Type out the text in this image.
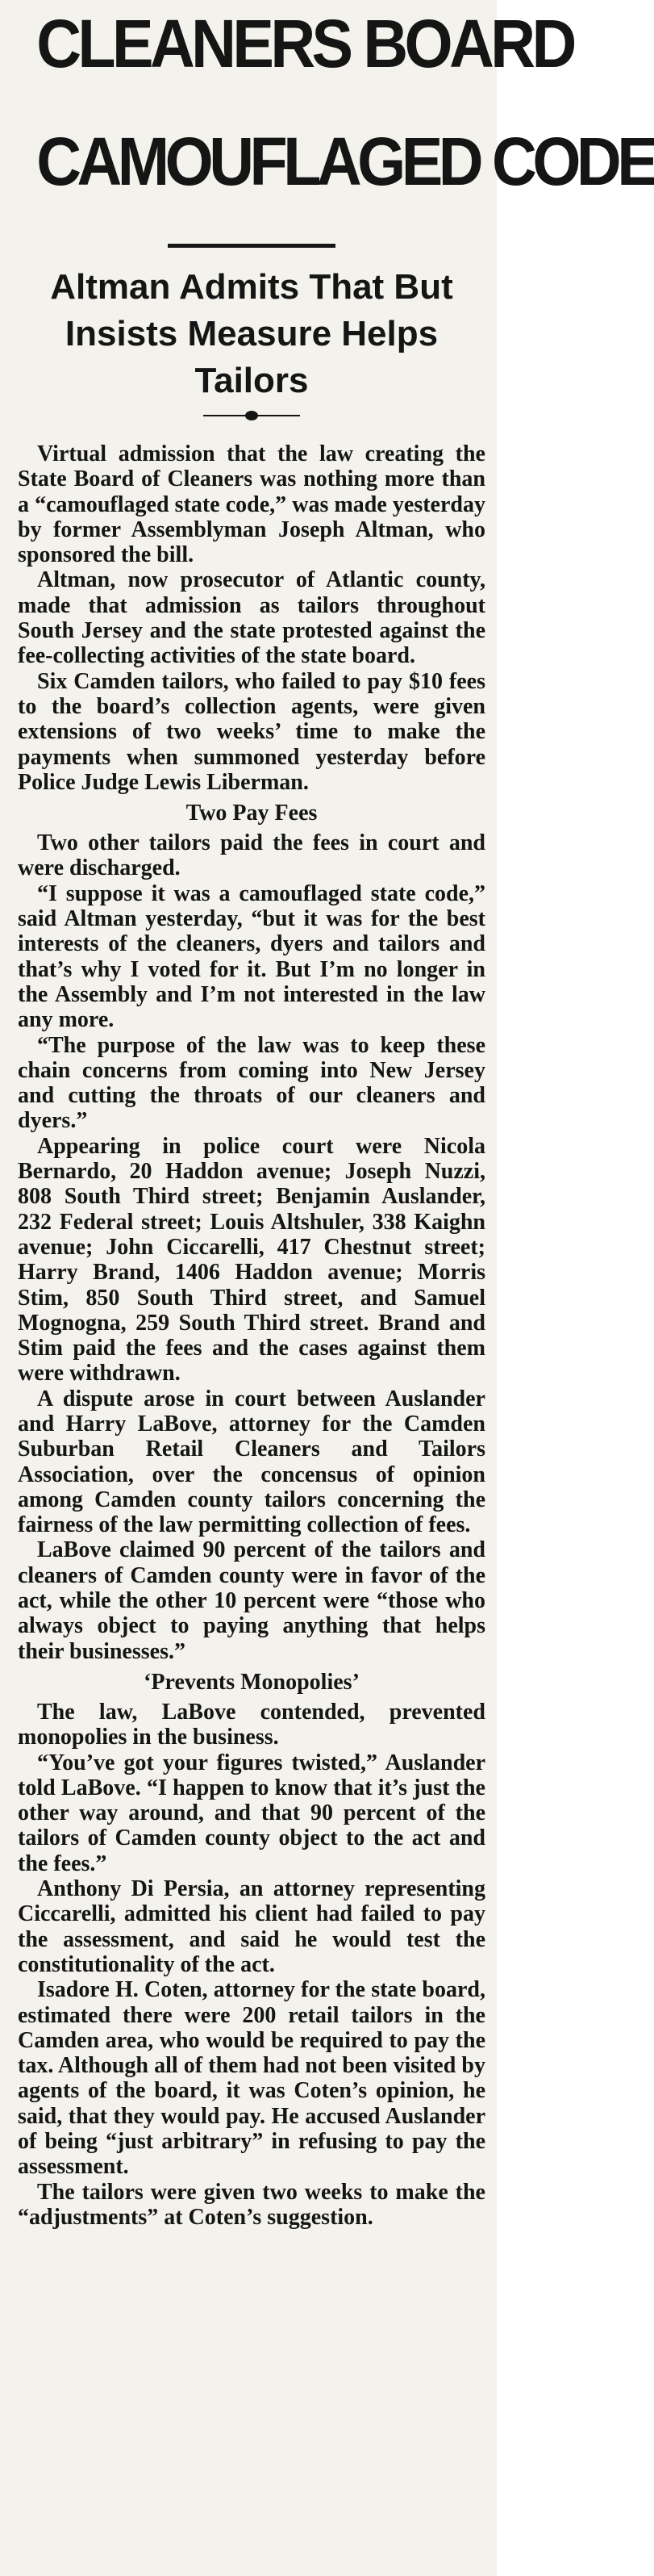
CLEANERS BOARD
CAMOUFLAGED CODE
Altman Admits That But
Insists Measure Helps
Tailors

Virtual admission that the law creating the State Board of Cleaners was nothing more than a “camouflaged state code,” was made yesterday by former Assemblyman Joseph Altman, who sponsored the bill.

Altman, now prosecutor of Atlantic county, made that admission as tailors throughout South Jersey and the state protested against the fee-collecting activities of the state board.

Six Camden tailors, who failed to pay $10 fees to the board’s collection agents, were given extensions of two weeks’ time to make the payments when summoned yesterday before Police Judge Lewis Liberman.

Two Pay Fees

Two other tailors paid the fees in court and were discharged.

“I suppose it was a camouflaged state code,” said Altman yesterday, “but it was for the best interests of the cleaners, dyers and tailors and that’s why I voted for it. But I’m no longer in the Assembly and I’m not interested in the law any more.

“The purpose of the law was to keep these chain concerns from coming into New Jersey and cutting the throats of our cleaners and dyers.”

Appearing in police court were Nicola Bernardo, 20 Haddon avenue; Joseph Nuzzi, 808 South Third street; Benjamin Auslander, 232 Federal street; Louis Altshuler, 338 Kaighn avenue; John Ciccarelli, 417 Chestnut street; Harry Brand, 1406 Haddon avenue; Morris Stim, 850 South Third street, and Samuel Mognogna, 259 South Third street. Brand and Stim paid the fees and the cases against them were withdrawn.

A dispute arose in court between Auslander and Harry LaBove, attorney for the Camden Suburban Retail Cleaners and Tailors Association, over the concensus of opinion among Camden county tailors concerning the fairness of the law permitting collection of fees.

LaBove claimed 90 percent of the tailors and cleaners of Camden county were in favor of the act, while the other 10 percent were “those who always object to paying anything that helps their businesses.”

‘Prevents Monopolies’

The law, LaBove contended, prevented monopolies in the business.

“You’ve got your figures twisted,” Auslander told LaBove. “I happen to know that it’s just the other way around, and that 90 percent of the tailors of Camden county object to the act and the fees.”

Anthony Di Persia, an attorney representing Ciccarelli, admitted his client had failed to pay the assessment, and said he would test the constitutionality of the act.

Isadore H. Coten, attorney for the state board, estimated there were 200 retail tailors in the Camden area, who would be required to pay the tax. Although all of them had not been visited by agents of the board, it was Coten’s opinion, he said, that they would pay. He accused Auslander of being “just arbitrary” in refusing to pay the assessment.

The tailors were given two weeks to make the “adjustments” at Coten’s suggestion.
